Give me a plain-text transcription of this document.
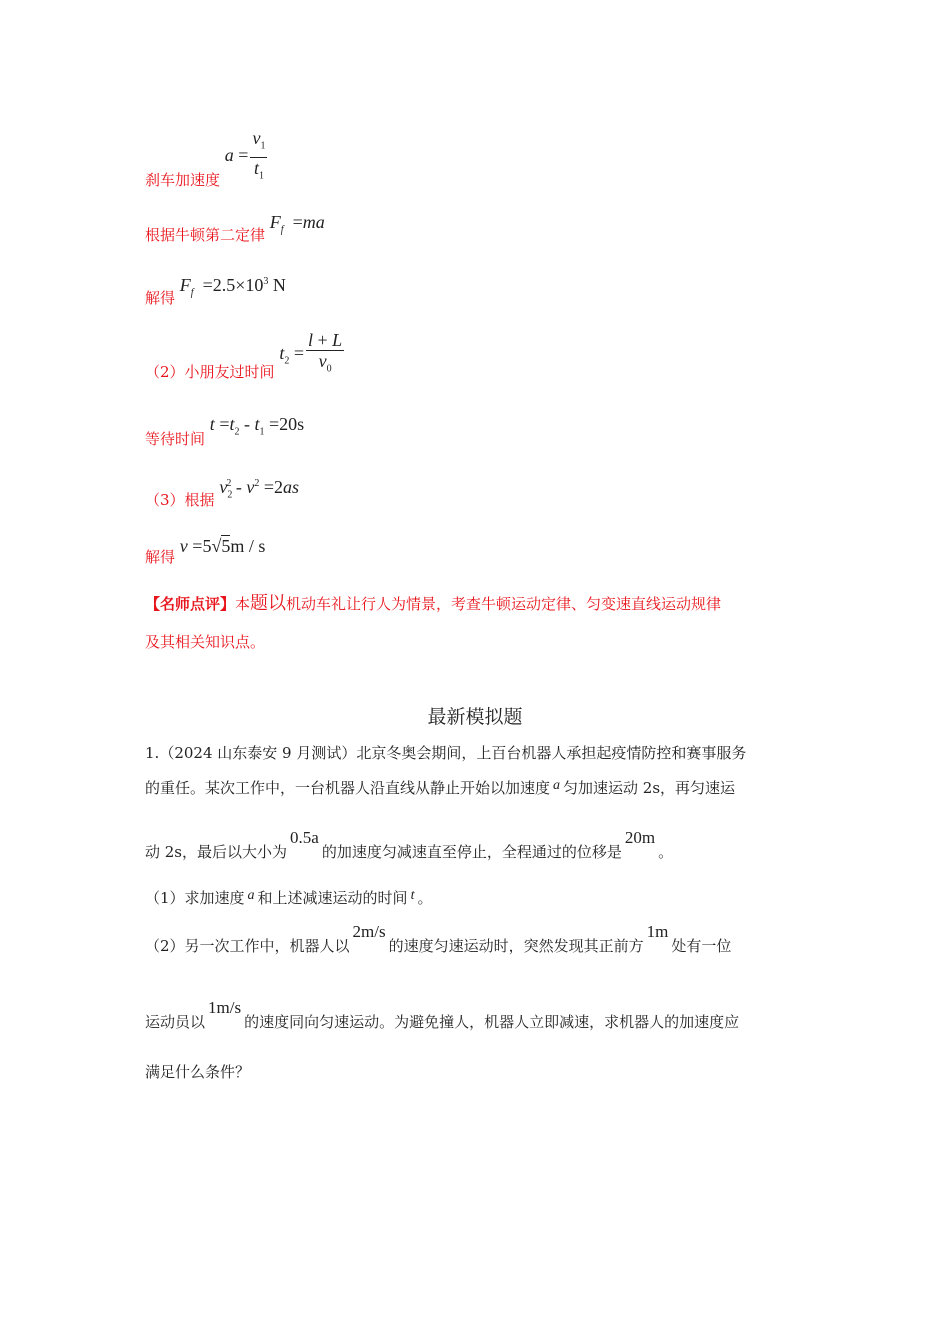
刹车加速度 $a = \frac{v_1}{t_1}$
根据牛顿第二定律 $F_f =ma$
解得 $F_f =2.5\times 10^3$ N
（2）小朋友过时间 $t_2 = \frac{l + L}{v_0}$
等待时间 $t =t_2 - t_1 =20s$
（3）根据 $v_2^2 - v^2 =2as$
解得 v =5√5m / s
【名师点评】本题以机动车礼让行人为情景，考查牛顿运动定律、匀变速直线运动规律
及其相关知识点。
最新模拟题
1.（2024 山东泰安 9 月测试）北京冬奥会期间，上百台机器人承担起疫情防控和赛事服务
的重任。某次工作中，一台机器人沿直线从静止开始以加速度 a 匀加速运动 2s，再匀速运
动 2s，最后以大小为0.5a的加速度匀减速直至停止，全程通过的位移是20m。
（1）求加速度 a 和上述减速运动的时间 t 。
（2）另一次工作中，机器人以2m/s的速度匀速运动时，突然发现其正前方1m处有一位
运动员以1m/s的速度同向匀速运动。为避免撞人，机器人立即减速，求机器人的加速度应
满足什么条件？
